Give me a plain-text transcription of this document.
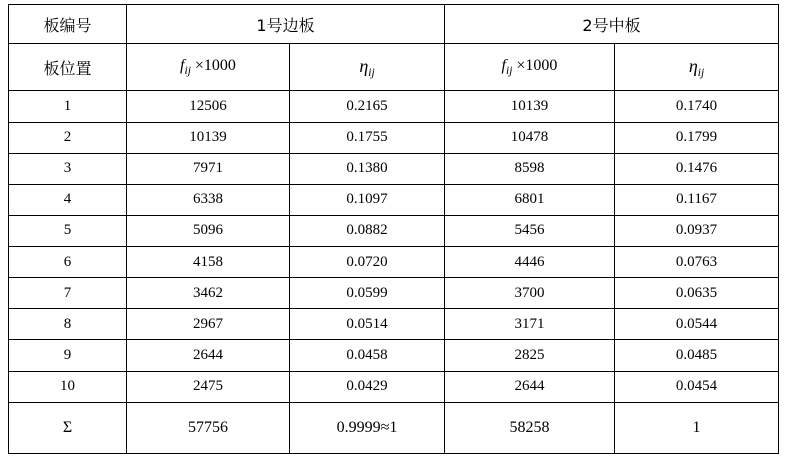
板编号	1号边板		2号中板	
板位置	$f_{ij} \times 1000$	$\eta_{ij}$	$f_{ij} \times 1000$	$\eta_{ij}$
1	12506	0.2165	10139	0.1740
2	10139	0.1755	10478	0.1799
3	7971	0.1380	8598	0.1476
4	6338	0.1097	6801	0.1167
5	5096	0.0882	5456	0.0937
6	4158	0.0720	4446	0.0763
7	3462	0.0599	3700	0.0635
8	2967	0.0514	3171	0.0544
9	2644	0.0458	2825	0.0485
10	2475	0.0429	2644	0.0454
Σ	57756	0.9999≈1	58258	1
